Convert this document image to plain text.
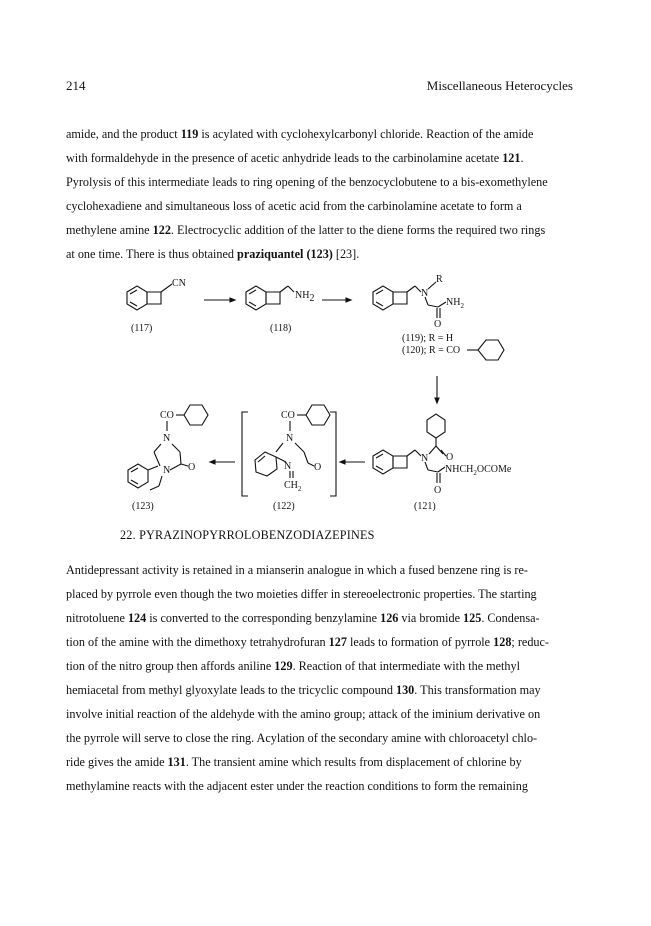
214	Miscellaneous Heterocycles
amide, and the product 119 is acylated with cyclohexylcarbonyl chloride. Reaction of the amide
with formaldehyde in the presence of acetic anhydride leads to the carbinolamine acetate 121.
Pyrolysis of this intermediate leads to ring opening of the benzocyclobutene to a bis-exomethylene
cyclohexadiene and simultaneous loss of acetic acid from the carbinolamine acetate to form a
methylene amine 122. Electrocyclic addition of the latter to the diene forms the required two rings
at one time. There is thus obtained praziquantel (123) [23].
CN
(117)
NH2
(118)
N
R
$NH_2$
O
(119); R = H
(120); R = CO
N O
$NHCH_2OCOMe$
O
(121)
CO
N
O
N
$CH_2$
(122)
CO
N
O
N
(123)
22. PYRAZINOPYRROLOBENZODIAZEPINES
Antidepressant activity is retained in a mianserin analogue in which a fused benzene ring is re-
placed by pyrrole even though the two moieties differ in stereoelectronic properties. The starting
nitrotoluene 124 is converted to the corresponding benzylamine 126 via bromide 125. Condensa-
tion of the amine with the dimethoxy tetrahydrofuran 127 leads to formation of pyrrole 128; reduc-
tion of the nitro group then affords aniline 129. Reaction of that intermediate with the methyl
hemiacetal from methyl glyoxylate leads to the tricyclic compound 130. This transformation may
involve initial reaction of the aldehyde with the amino group; attack of the iminium derivative on
the pyrrole will serve to close the ring. Acylation of the secondary amine with chloroacetyl chlo-
ride gives the amide 131. The transient amine which results from displacement of chlorine by
methylamine reacts with the adjacent ester under the reaction conditions to form the remaining
